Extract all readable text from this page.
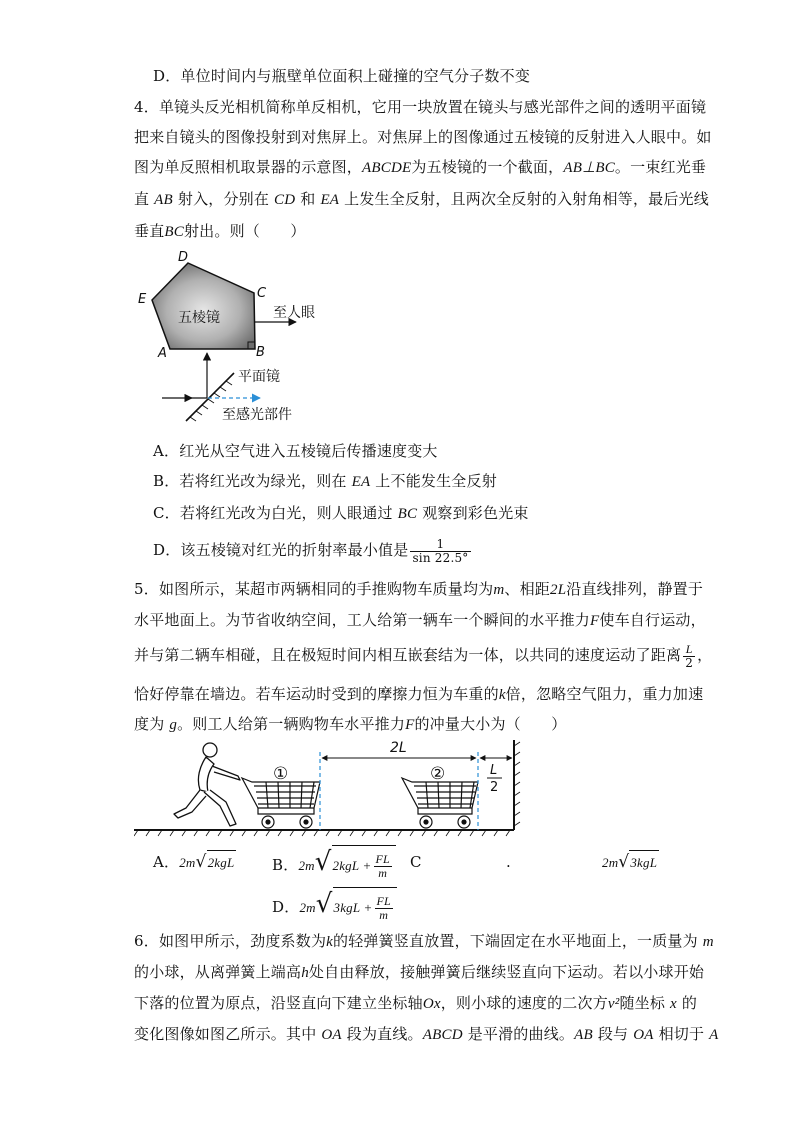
D．单位时间内与瓶壁单位面积上碰撞的空气分子数不变
4．单镜头反光相机简称单反相机，它用一块放置在镜头与感光部件之间的透明平面镜
把来自镜头的图像投射到对焦屏上。对焦屏上的图像通过五棱镜的反射进入人眼中。如
图为单反照相机取景器的示意图，ABCDE为五棱镜的一个截面，AB⊥BC。一束红光垂
直 AB 射入，分别在 CD 和 EA 上发生全反射，且两次全反射的入射角相等，最后光线
垂直BC射出。则（　　）
五棱镜
D
C
E
A	B
至人眼
平面镜
至感光部件
A．红光从空气进入五棱镜后传播速度变大
B．若将红光改为绿光，则在 EA 上不能发生全反射
C．若将红光改为白光，则人眼通过 BC 观察到彩色光束
D．该五棱镜对红光的折射率最小值是 $\frac{1}{\sin 22.5^\circ}$
5．如图所示，某超市两辆相同的手推购物车质量均为m、相距2L沿直线排列，静置于
水平地面上。为节省收纳空间，工人给第一辆车一个瞬间的水平推力F使车自行运动，
并与第二辆车相碰，且在极短时间内相互嵌套结为一体，以共同的速度运动了距离 $\frac{L}{2}$ ，
恰好停靠在墙边。若车运动时受到的摩擦力恒为车重的k倍，忽略空气阻力，重力加速
度为 g。则工人给第一辆购物车水平推力F的冲量大小为（　　）
①	②
2L
L
2
A．2m√2kgL	B．$2m√2kgL + \frac{FL}{m}$ C	.	2m√3kgL
D．$2m√3kgL + \frac{FL}{m}$
6．如图甲所示，劲度系数为k的轻弹簧竖直放置，下端固定在水平地面上，一质量为 m
的小球，从离弹簧上端高h处自由释放，接触弹簧后继续竖直向下运动。若以小球开始
下落的位置为原点，沿竖直向下建立坐标轴Ox，则小球的速度的二次方v²随坐标 x 的
变化图像如图乙所示。其中 OA 段为直线。ABCD 是平滑的曲线。AB 段与 OA 相切于 A
